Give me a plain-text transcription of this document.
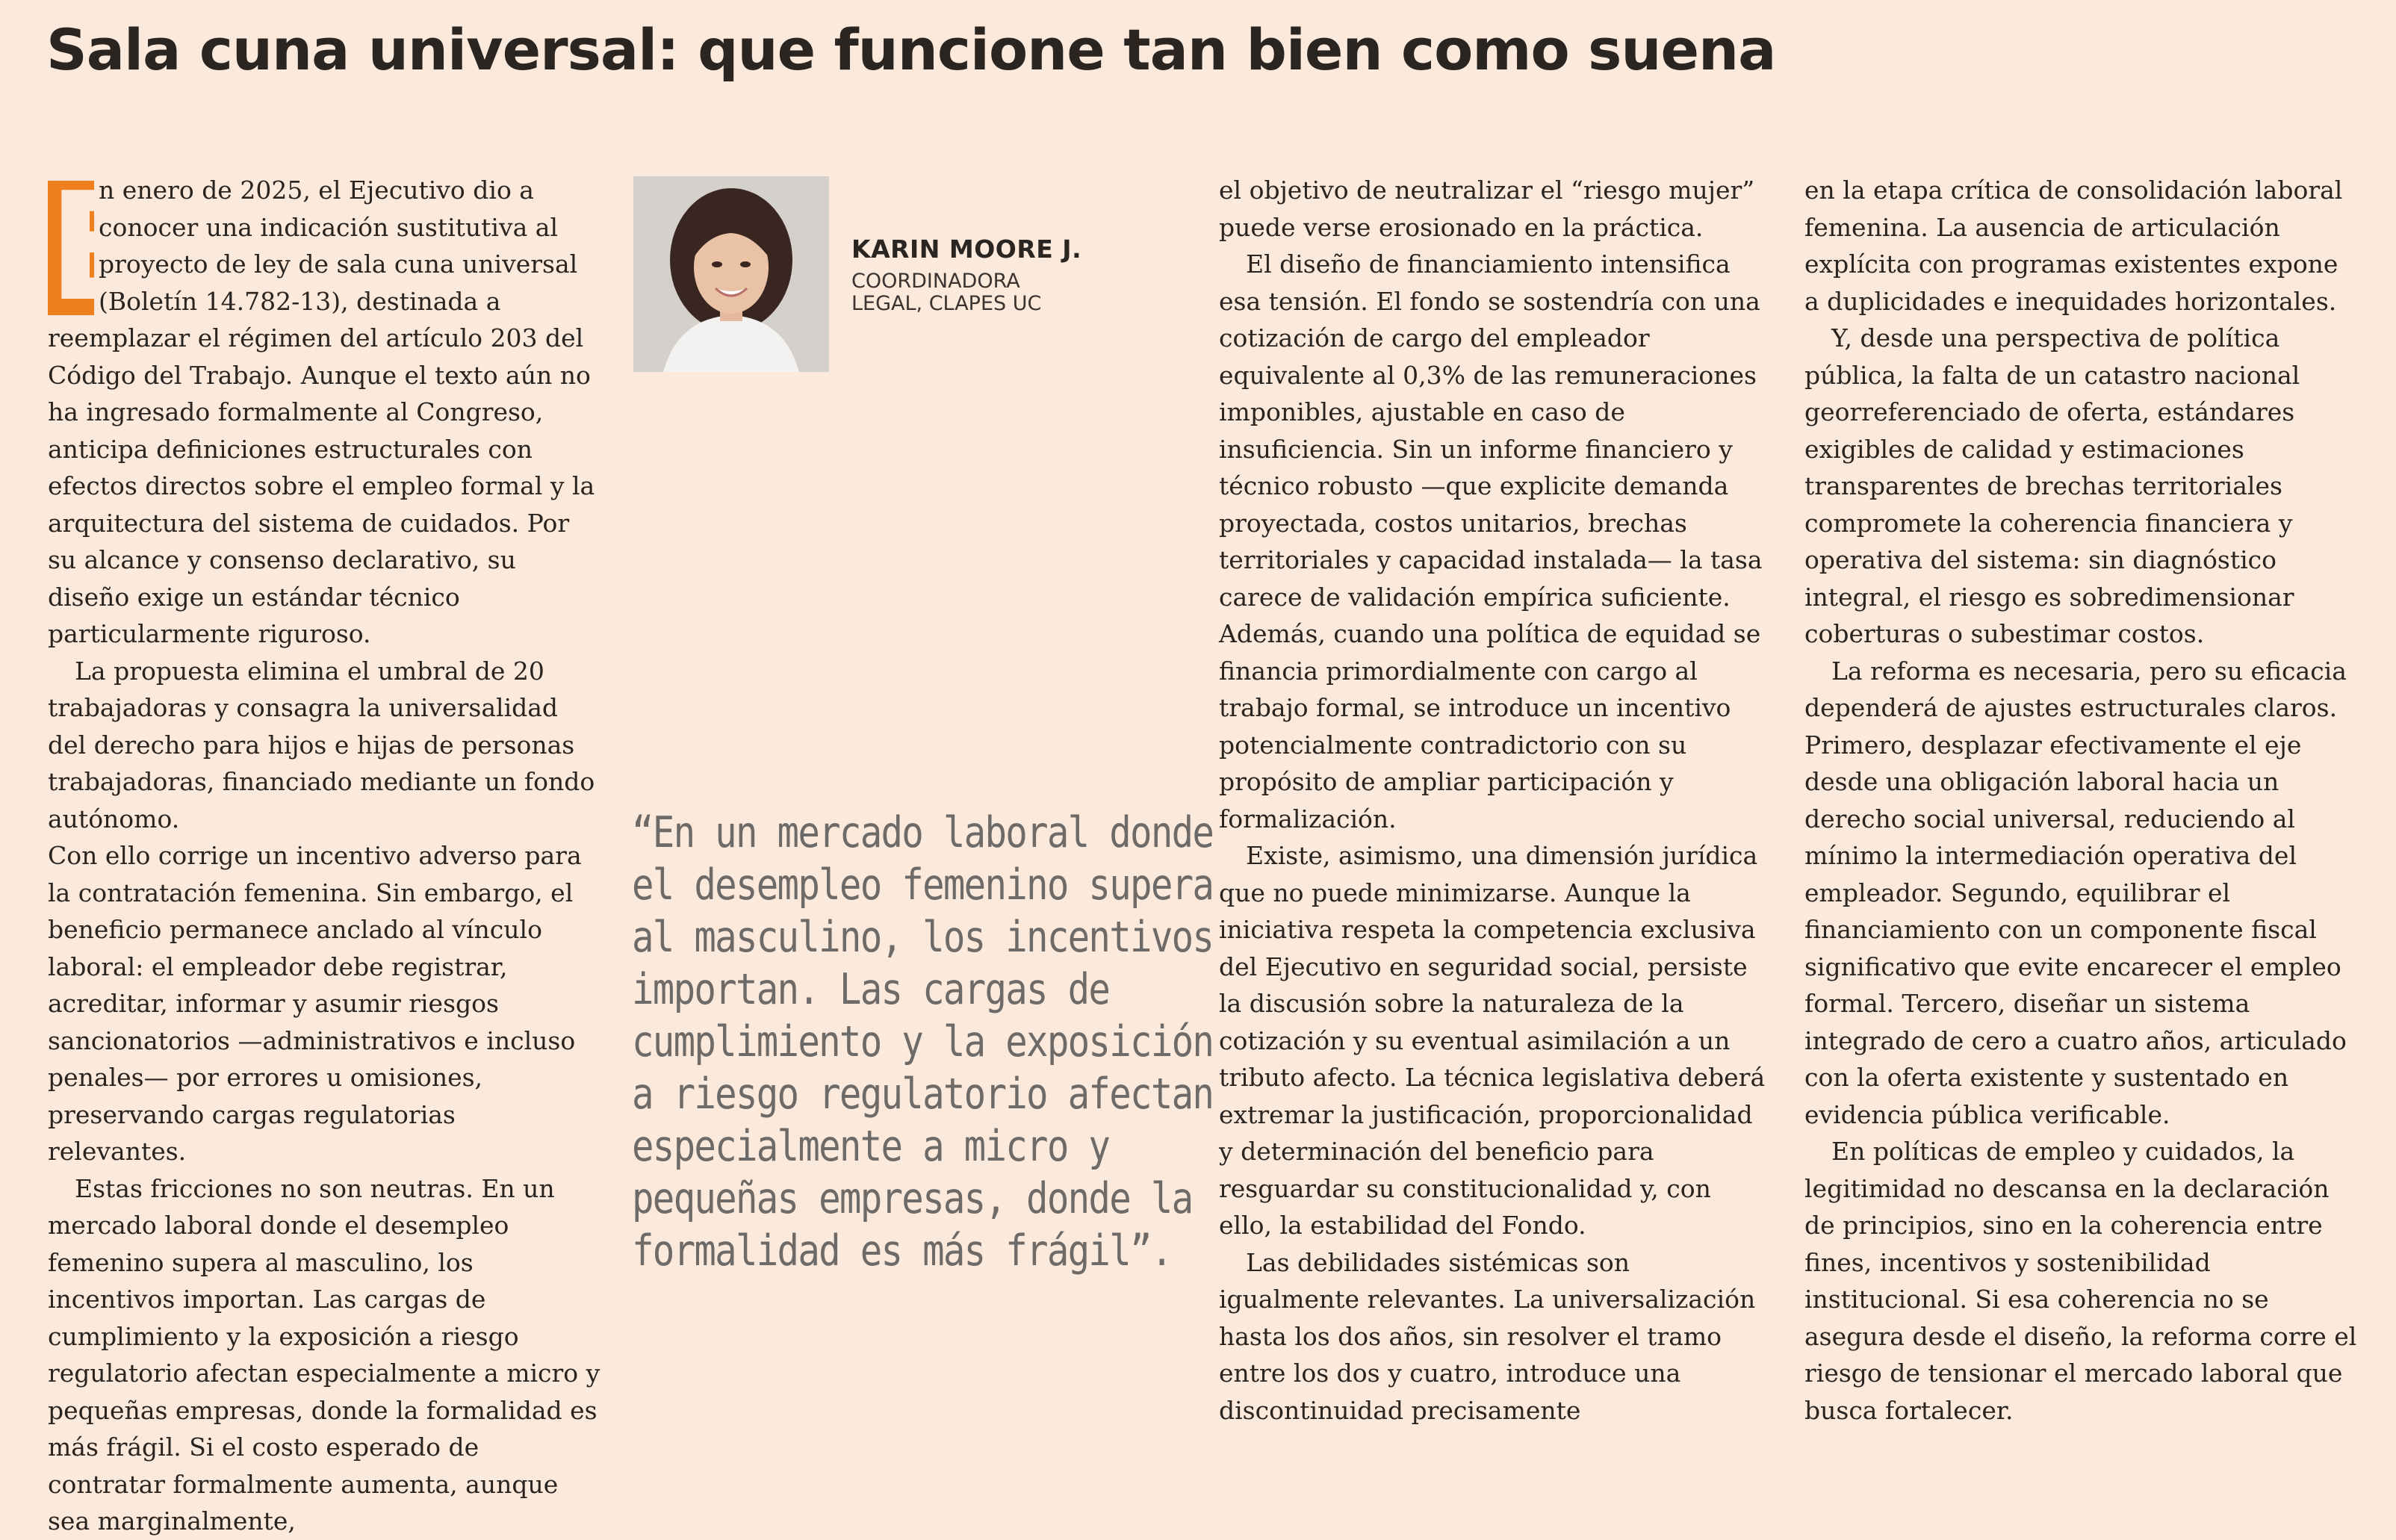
Sala cuna universal: que funcione tan bien como suena

E
n enero de 2025, el Ejecutivo dio a conocer una indicación sustitutiva al proyecto de ley de sala cuna universal (Boletín 14.782-13), destinada a reemplazar el régimen del artículo 203 del Código del Trabajo. Aunque el texto aún no ha ingresado formalmente al Congreso, anticipa definiciones estructurales con efectos directos sobre el empleo formal y la arquitectura del sistema de cuidados. Por su alcance y consenso declarativo, su diseño exige un estándar técnico particularmente riguroso.

La propuesta elimina el umbral de 20 trabajadoras y consagra la universalidad del derecho para hijos e hijas de personas trabajadoras, financiado mediante un fondo autónomo.

Con ello corrige un incentivo adverso para la contratación femenina. Sin embargo, el beneficio permanece anclado al vínculo laboral: el empleador debe registrar, acreditar, informar y asumir riesgos sancionatorios —administrativos e incluso penales— por errores u omisiones, preservando cargas regulatorias relevantes.

Estas fricciones no son neutras. En un mercado laboral donde el desempleo femenino supera al masculino, los incentivos importan. Las cargas de cumplimiento y la exposición a riesgo regulatorio afectan especialmente a micro y pequeñas empresas, donde la formalidad es más frágil. Si el costo esperado de contratar formalmente aumenta, aunque sea marginalmente,

KARIN MOORE J.
COORDINADORA
LEGAL, CLAPES UC
“En un mercado laboral donde
el desempleo femenino supera
al masculino, los incentivos
importan. Las cargas de
cumplimiento y la exposición
a riesgo regulatorio afectan
especialmente a micro y
pequeñas empresas, donde la
formalidad es más frágil”.

el objetivo de neutralizar el “riesgo mujer” puede verse erosionado en la práctica.

El diseño de financiamiento intensifica esa tensión. El fondo se sostendría con una cotización de cargo del empleador equivalente al 0,3% de las remuneraciones imponibles, ajustable en caso de insuficiencia. Sin un informe financiero y técnico robusto —que explicite demanda proyectada, costos unitarios, brechas territoriales y capacidad instalada— la tasa carece de validación empírica suficiente. Además, cuando una política de equidad se financia primordialmente con cargo al trabajo formal, se introduce un incentivo potencialmente contradictorio con su propósito de ampliar participación y formalización.

Existe, asimismo, una dimensión jurídica que no puede minimizarse. Aunque la iniciativa respeta la competencia exclusiva del Ejecutivo en seguridad social, persiste la discusión sobre la naturaleza de la cotización y su eventual asimilación a un tributo afecto. La técnica legislativa deberá extremar la justificación, proporcionalidad y determinación del beneficio para resguardar su constitucionalidad y, con ello, la estabilidad del Fondo.

Las debilidades sistémicas son igualmente relevantes. La universalización hasta los dos años, sin resolver el tramo entre los dos y cuatro, introduce una discontinuidad precisamente

en la etapa crítica de consolidación laboral femenina. La ausencia de articulación explícita con programas existentes expone a duplicidades e inequidades horizontales.

Y, desde una perspectiva de política pública, la falta de un catastro nacional georreferenciado de oferta, estándares exigibles de calidad y estimaciones transparentes de brechas territoriales compromete la coherencia financiera y operativa del sistema: sin diagnóstico integral, el riesgo es sobredimensionar coberturas o subestimar costos.

La reforma es necesaria, pero su eficacia dependerá de ajustes estructurales claros. Primero, desplazar efectivamente el eje desde una obligación laboral hacia un derecho social universal, reduciendo al mínimo la intermediación operativa del empleador. Segundo, equilibrar el financiamiento con un componente fiscal significativo que evite encarecer el empleo formal. Tercero, diseñar un sistema integrado de cero a cuatro años, articulado con la oferta existente y sustentado en evidencia pública verificable.

En políticas de empleo y cuidados, la legitimidad no descansa en la declaración de principios, sino en la coherencia entre fines, incentivos y sostenibilidad institucional. Si esa coherencia no se asegura desde el diseño, la reforma corre el riesgo de tensionar el mercado laboral que busca fortalecer.
